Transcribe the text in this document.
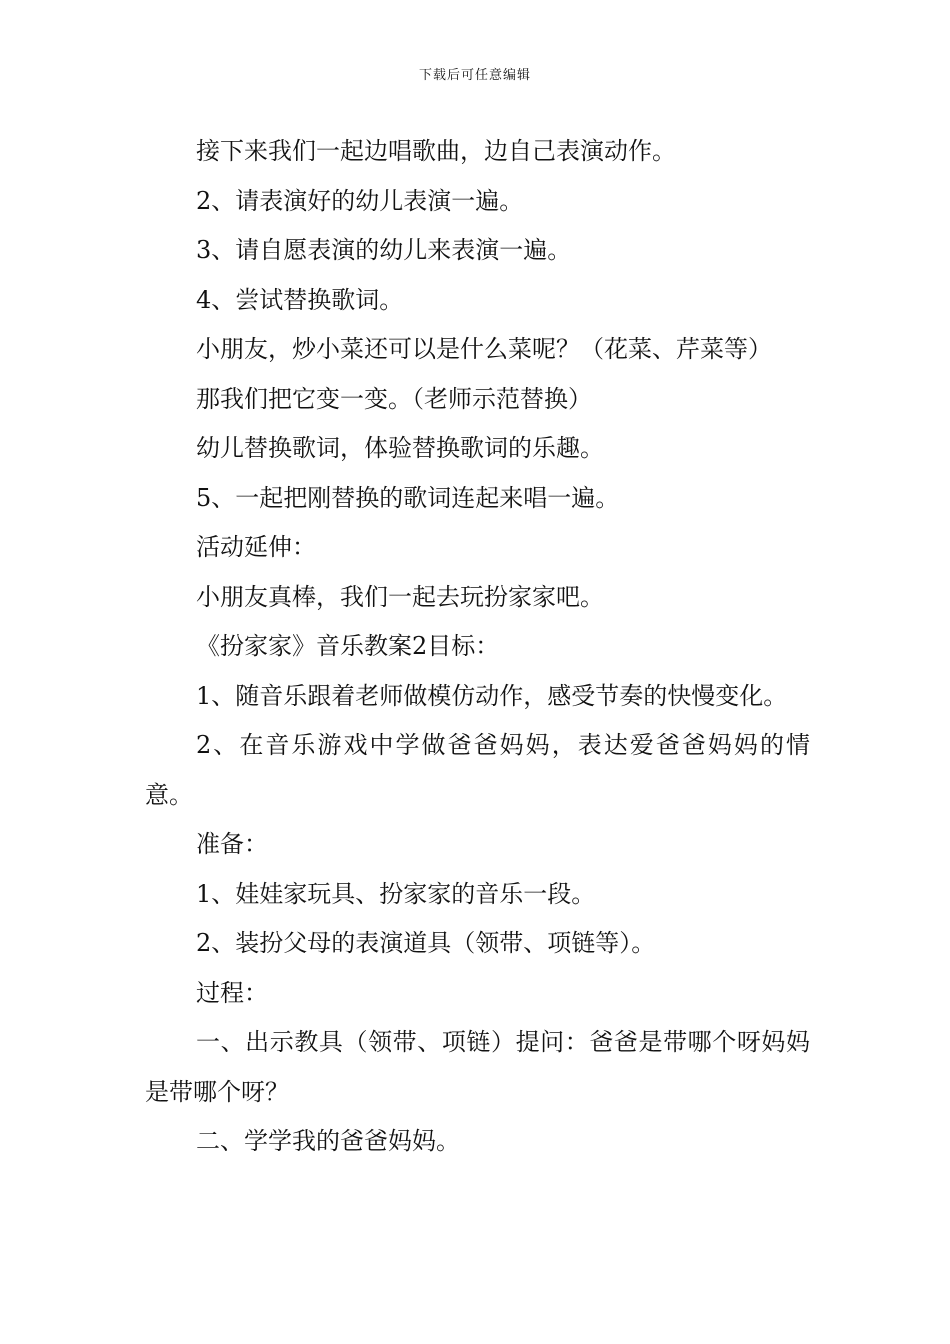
下载后可任意编辑

接下来我们一起边唱歌曲，边自己表演动作。

2、请表演好的幼儿表演一遍。

3、请自愿表演的幼儿来表演一遍。

4、尝试替换歌词。

小朋友，炒小菜还可以是什么菜呢？（花菜、芹菜等）

那我们把它变一变。（老师示范替换）

幼儿替换歌词，体验替换歌词的乐趣。

5、一起把刚替换的歌词连起来唱一遍。

活动延伸：

小朋友真棒，我们一起去玩扮家家吧。

《扮家家》音乐教案2目标：

1、随音乐跟着老师做模仿动作，感受节奏的快慢变化。

2、在音乐游戏中学做爸爸妈妈，表达爱爸爸妈妈的情意。

准备：

1、娃娃家玩具、扮家家的音乐一段。

2、装扮父母的表演道具（领带、项链等）。

过程：

一、出示教具（领带、项链）提问：爸爸是带哪个呀妈妈是带哪个呀？

二、学学我的爸爸妈妈。
